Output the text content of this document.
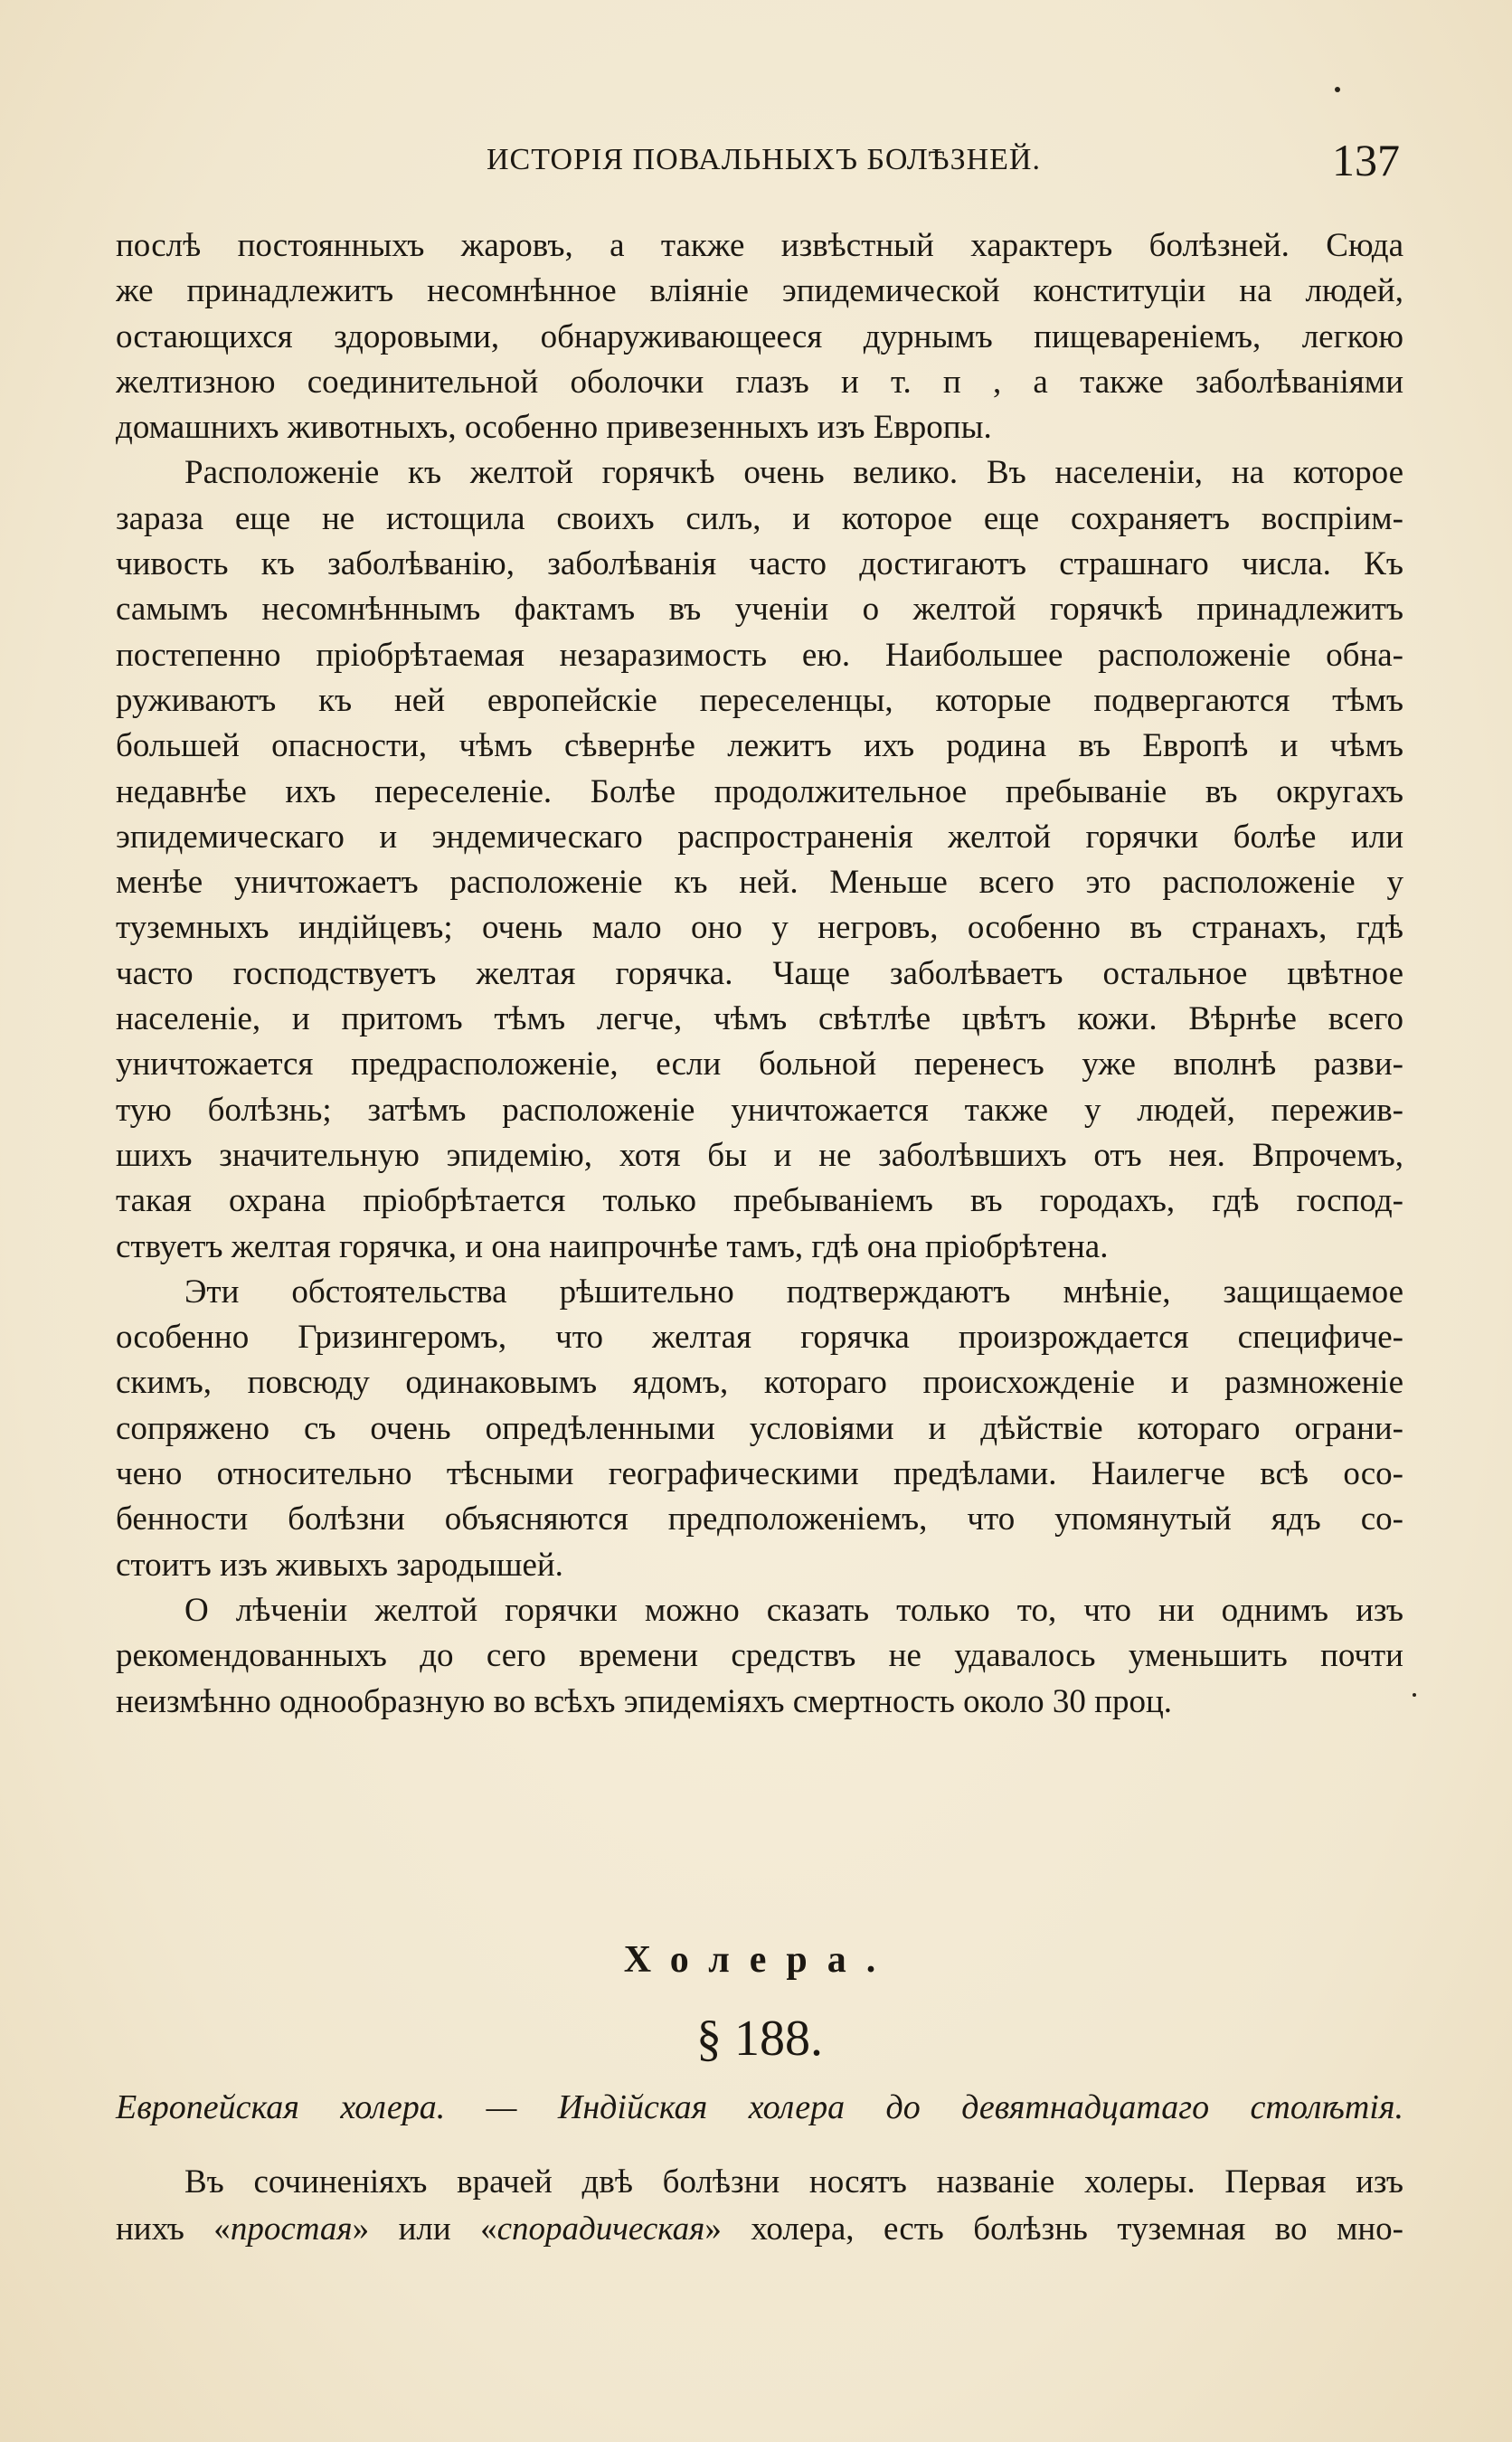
ИСТОРІЯ ПОВАЛЬНЫХЪ БОЛѢЗНЕЙ.	137
послѣ постоянныхъ жаровъ, а также извѣстный характеръ болѣзней. Сюда
же принадлежитъ несомнѣнное вліяніе эпидемической конституціи на людей,
остающихся здоровыми, обнаруживающееся дурнымъ пищевареніемъ, легкою
желтизною соединительной оболочки глазъ и т. п , а также заболѣваніями
домашнихъ животныхъ, особенно привезенныхъ изъ Европы.
Расположеніе къ желтой горячкѣ очень велико. Въ населеніи, на которое
зараза еще не истощила своихъ силъ, и которое еще сохраняетъ воспріим-
чивость къ заболѣванію, заболѣванія часто достигаютъ страшнаго числа. Къ
самымъ несомнѣннымъ фактамъ въ ученіи о желтой горячкѣ принадлежитъ
постепенно пріобрѣтаемая незаразимость ею. Наибольшее расположеніе обна-
руживаютъ къ ней европейскіе переселенцы, которые подвергаются тѣмъ
большей опасности, чѣмъ сѣвернѣе лежитъ ихъ родина въ Европѣ и чѣмъ
недавнѣе ихъ переселеніе. Болѣе продолжительное пребываніе въ округахъ
эпидемическаго и эндемическаго распространенія желтой горячки болѣе или
менѣе уничтожаетъ расположеніе къ ней. Меньше всего это расположеніе у
туземныхъ индійцевъ; очень мало оно у негровъ, особенно въ странахъ, гдѣ
часто господствуетъ желтая горячка. Чаще заболѣваетъ остальное цвѣтное
населеніе, и притомъ тѣмъ легче, чѣмъ свѣтлѣе цвѣтъ кожи. Вѣрнѣе всего
уничтожается предрасположеніе, если больной перенесъ уже вполнѣ разви-
тую болѣзнь; затѣмъ расположеніе уничтожается также у людей, пережив-
шихъ значительную эпидемію, хотя бы и не заболѣвшихъ отъ нея. Впрочемъ,
такая охрана пріобрѣтается только пребываніемъ въ городахъ, гдѣ господ-
ствуетъ желтая горячка, и она наипрочнѣе тамъ, гдѣ она пріобрѣтена.
Эти обстоятельства рѣшительно подтверждаютъ мнѣніе, защищаемое
особенно Гризингеромъ, что желтая горячка произрождается специфиче-
скимъ, повсюду одинаковымъ ядомъ, котораго происхожденіе и размноженіе
сопряжено съ очень опредѣленными условіями и дѣйствіе котораго ограни-
чено относительно тѣсными географическими предѣлами. Наилегче всѣ осо-
бенности болѣзни объясняются предположеніемъ, что упомянутый ядъ со-
стоитъ изъ живыхъ зародышей.
О лѣченіи желтой горячки можно сказать только то, что ни однимъ изъ
рекомендованныхъ до сего времени средствъ не удавалось уменьшить почти
неизмѣнно однообразную во всѣхъ эпидеміяхъ смертность около 30 проц.
Холера.
§ 188.
Европейская холера. — Индійская холера до девятнадцатаго столѣтія.
Въ сочиненіяхъ врачей двѣ болѣзни носятъ названіе холеры. Первая изъ
нихъ «простая» или «спорадическая» холера, есть болѣзнь туземная во мно-
